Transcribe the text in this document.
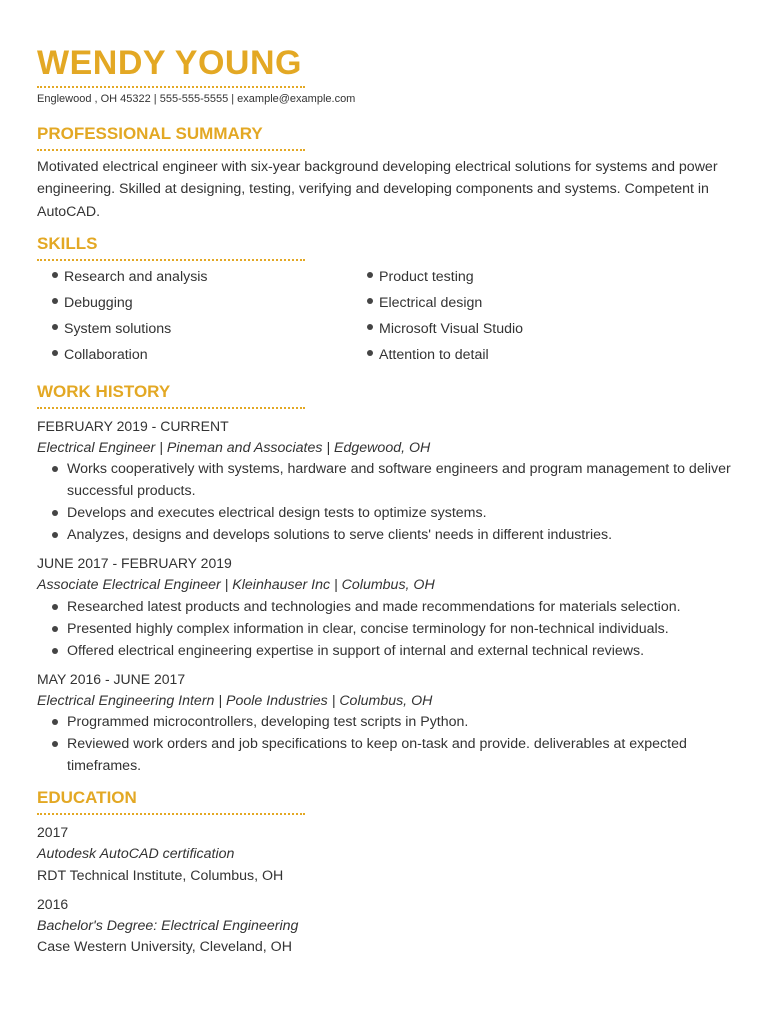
WENDY YOUNG
Englewood , OH 45322 | 555-555-5555 | example@example.com
PROFESSIONAL SUMMARY

Motivated electrical engineer with six-year background developing electrical solutions for systems and power engineering. Skilled at designing, testing, verifying and developing components and systems. Competent in AutoCAD.

SKILLS
Research and analysis	Product testing
Debugging	Electrical design
System solutions	Microsoft Visual Studio
Collaboration	Attention to detail
WORK HISTORY
FEBRUARY 2019 - CURRENT
Electrical Engineer | Pineman and Associates | Edgewood, OH
Works cooperatively with systems, hardware and software engineers and program management to deliver successful products.
Develops and executes electrical design tests to optimize systems.
Analyzes, designs and develops solutions to serve clients' needs in different industries.
JUNE 2017 - FEBRUARY 2019
Associate Electrical Engineer | Kleinhauser Inc | Columbus, OH
Researched latest products and technologies and made recommendations for materials selection.
Presented highly complex information in clear, concise terminology for non-technical individuals.
Offered electrical engineering expertise in support of internal and external technical reviews.
MAY 2016 - JUNE 2017
Electrical Engineering Intern | Poole Industries | Columbus, OH
Programmed microcontrollers, developing test scripts in Python.
Reviewed work orders and job specifications to keep on-task and provide. deliverables at expected timeframes.
EDUCATION
2017
Autodesk AutoCAD certification
RDT Technical Institute, Columbus, OH
2016
Bachelor's Degree: Electrical Engineering
Case Western University, Cleveland, OH
